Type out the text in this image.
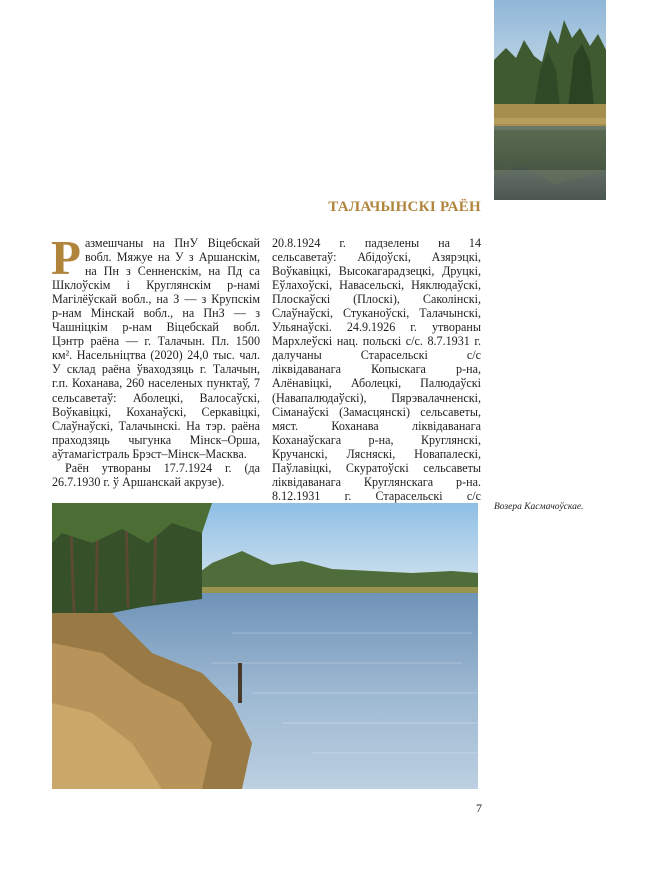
ТАЛАЧЫНСКІ РАЁН

Размешчаны на ПнУ Віцебскай вобл. Мяжуе на У з Аршанскім, на Пн з Сенненскім, на Пд са Шклоўскім і Круглянскім р-намі Магілёўскай вобл., на З — з Крупскім р-нам Мінскай вобл., на ПнЗ — з Чашніцкім р-нам Віцебскай вобл. Цэнтр раёна — г. Талачын. Пл. 1500 км². Насельніцтва (2020) 24,0 тыс. чал. У склад раёна ўваходзяць г. Талачын, г.п. Коханава, 260 населеных пунктаў, 7 сельсаветаў: Аболецкі, Валосаўскі, Воўкавіцкі, Коханаўскі, Серкавіцкі, Слаўнаўскі, Талачынскі. На тэр. раёна праходзяць чыгунка Мінск–Орша, аўтамагістраль Брэст–Мінск–Масква.

Раён утвораны 17.7.1924 г. (да 26.7.1930 г. ў Аршанскай акрузе).

20.8.1924 г. падзелены на 14 сельсаветаў: Абідоўскі, Азярэцкі, Воўкавіцкі, Высокагарадзецкі, Друцкі, Еўлахоўскі, Навасельскі, Няклюдаўскі, Плоскаўскі (Плоскі), Саколінскі, Слаўнаўскі, Стуканоўскі, Талачынскі, Ульянаўскі. 24.9.1926 г. утвораны Мархлеўскі нац. польскі с/с. 8.7.1931 г. далучаны Старасельскі с/с ліквідаванага Копыскага р-на, Алёнавіцкі, Аболецкі, Палюдаўскі (Навапалюдаўскі), Пярэвалачненскі, Сіманаўскі (Замасцянскі) сельсаветы, мяст. Коханава ліквідаванага Коханаўскага р-на, Круглянскі, Кручанскі, Лясняскі, Новапалескі, Паўлавіцкі, Скуратоўскі сельсаветы ліквідаванага Круглянскага р-на. 8.12.1931 г. Старасельскі с/с

Возера Касмачоўскае.
7
